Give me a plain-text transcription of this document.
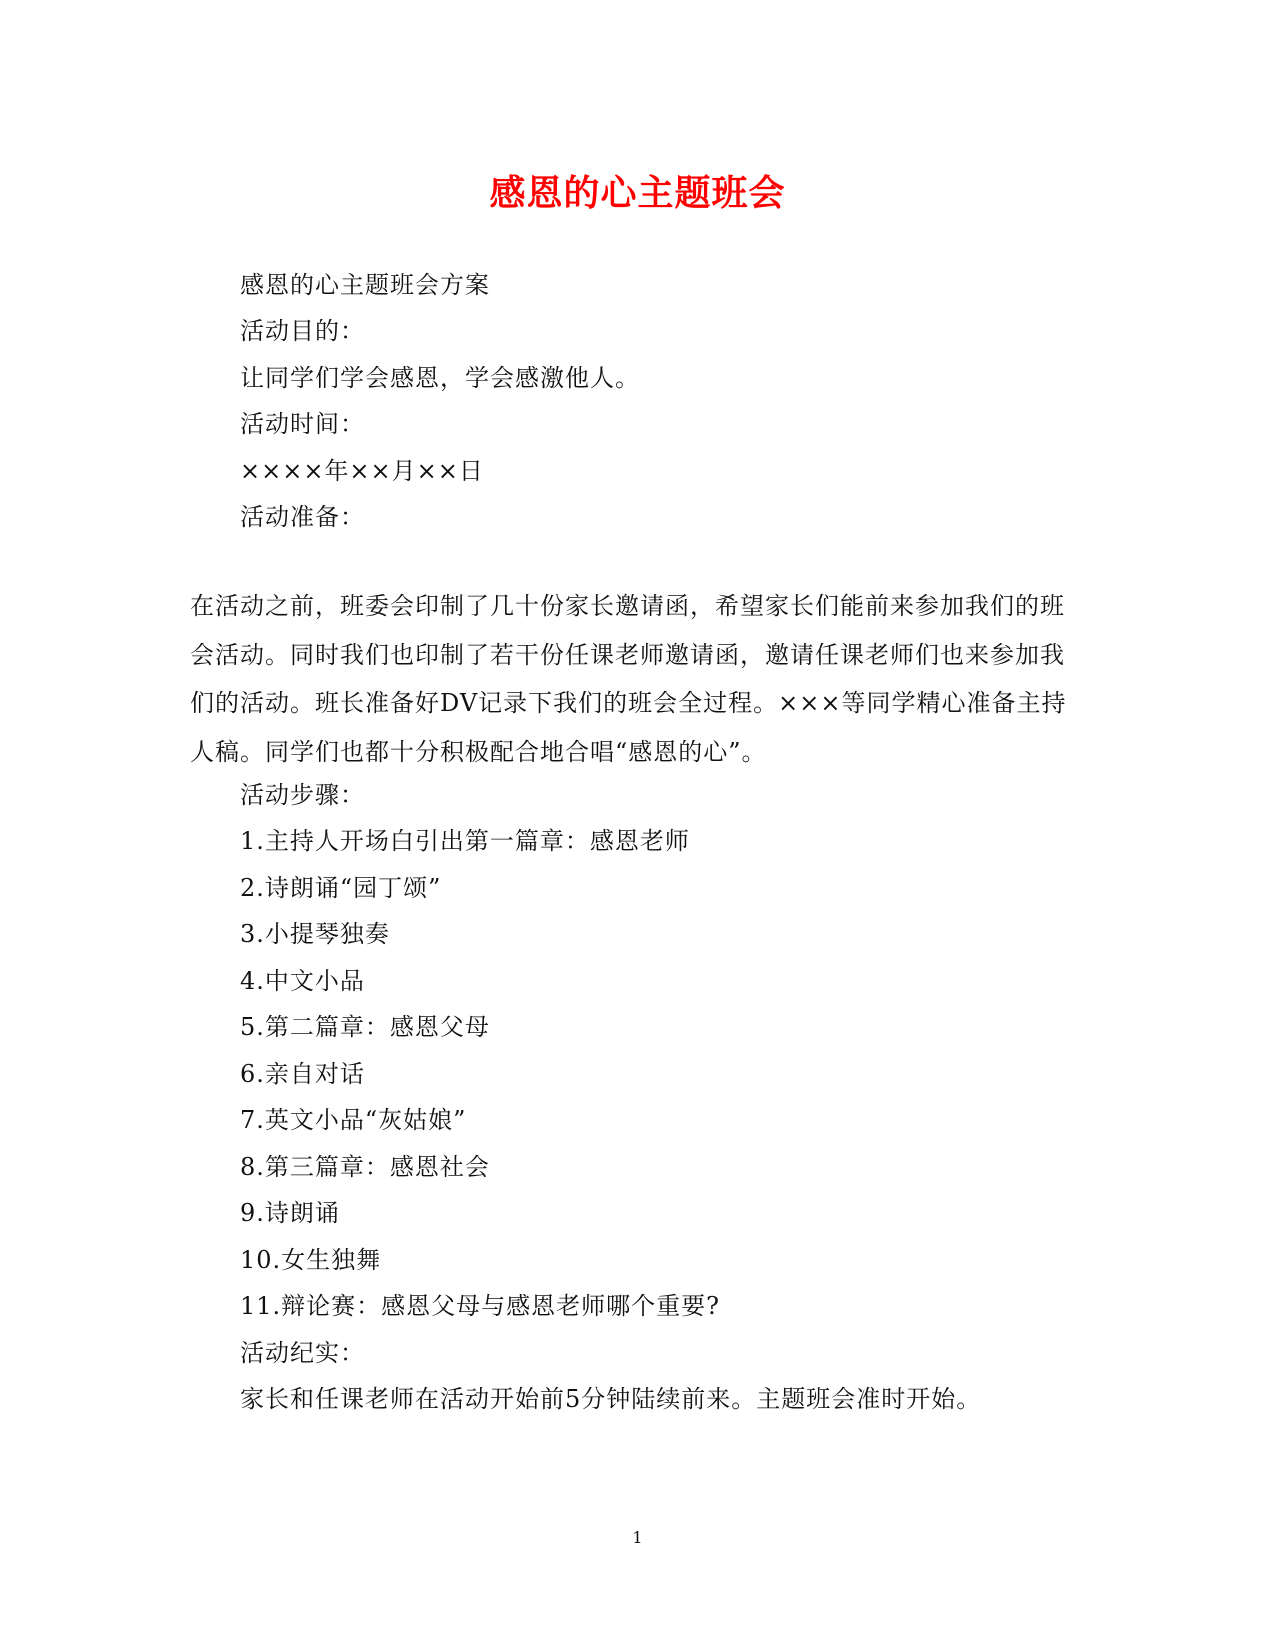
感恩的心主题班会
感恩的心主题班会方案
活动目的：
让同学们学会感恩，学会感激他人。
活动时间：
××××年××月××日
活动准备：
在活动之前，班委会印制了几十份家长邀请函，希望家长们能前来参加我们的班
会活动。同时我们也印制了若干份任课老师邀请函，邀请任课老师们也来参加我
们的活动。班长准备好DV记录下我们的班会全过程。×××等同学精心准备主持
人稿。同学们也都十分积极配合地合唱“感恩的心”。
活动步骤：
1.主持人开场白引出第一篇章：感恩老师
2.诗朗诵“园丁颂”
3.小提琴独奏
4.中文小品
5.第二篇章：感恩父母
6.亲自对话
7.英文小品“灰姑娘”
8.第三篇章：感恩社会
9.诗朗诵
10.女生独舞
11.辩论赛：感恩父母与感恩老师哪个重要?
活动纪实：
家长和任课老师在活动开始前5分钟陆续前来。主题班会准时开始。
1
